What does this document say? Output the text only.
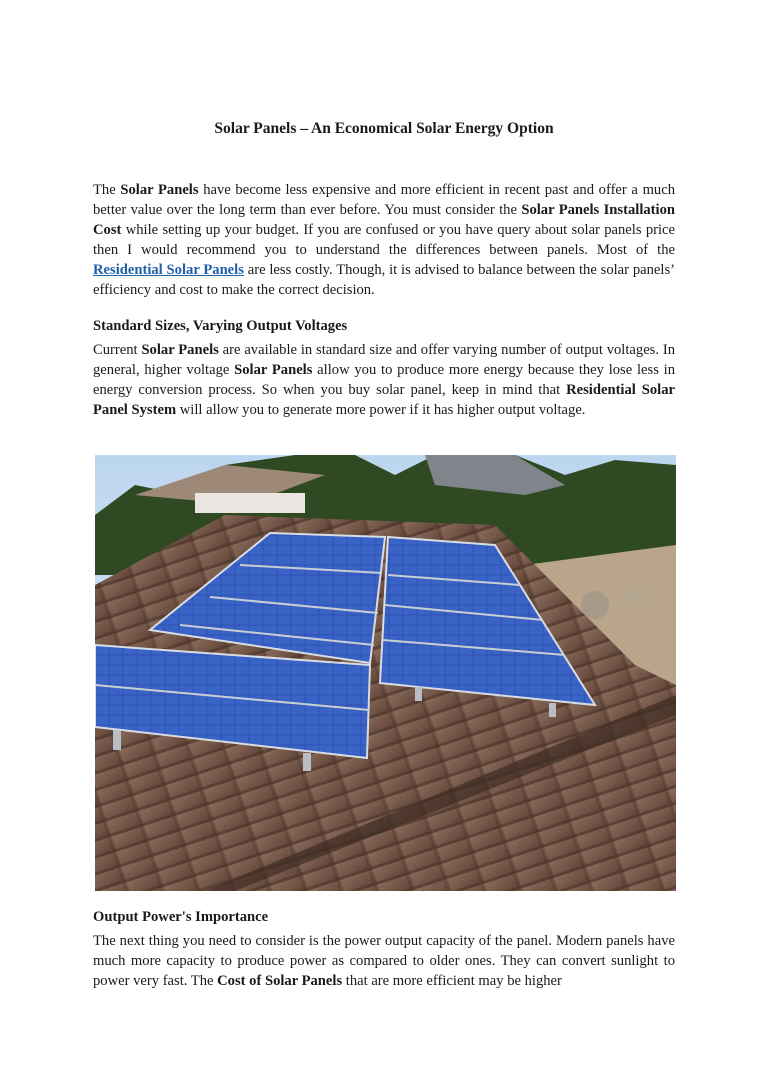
Solar Panels – An Economical Solar Energy Option

The Solar Panels have become less expensive and more efficient in recent past and offer a much better value over the long term than ever before. You must consider the Solar Panels Installation Cost while setting up your budget. If you are confused or you have query about solar panels price then I would recommend you to understand the differences between panels. Most of the Residential Solar Panels are less costly. Though, it is advised to balance between the solar panels’ efficiency and cost to make the correct decision.

Standard Sizes, Varying Output Voltages

Current Solar Panels are available in standard size and offer varying number of output voltages. In general, higher voltage Solar Panels allow you to produce more energy because they lose less in energy conversion process. So when you buy solar panel, keep in mind that Residential Solar Panel System will allow you to generate more power if it has higher output voltage.

Output Power's Importance

The next thing you need to consider is the power output capacity of the panel. Modern panels have much more capacity to produce power as compared to older ones. They can convert sunlight to power very fast. The Cost of Solar Panels that are more efficient may be higher
